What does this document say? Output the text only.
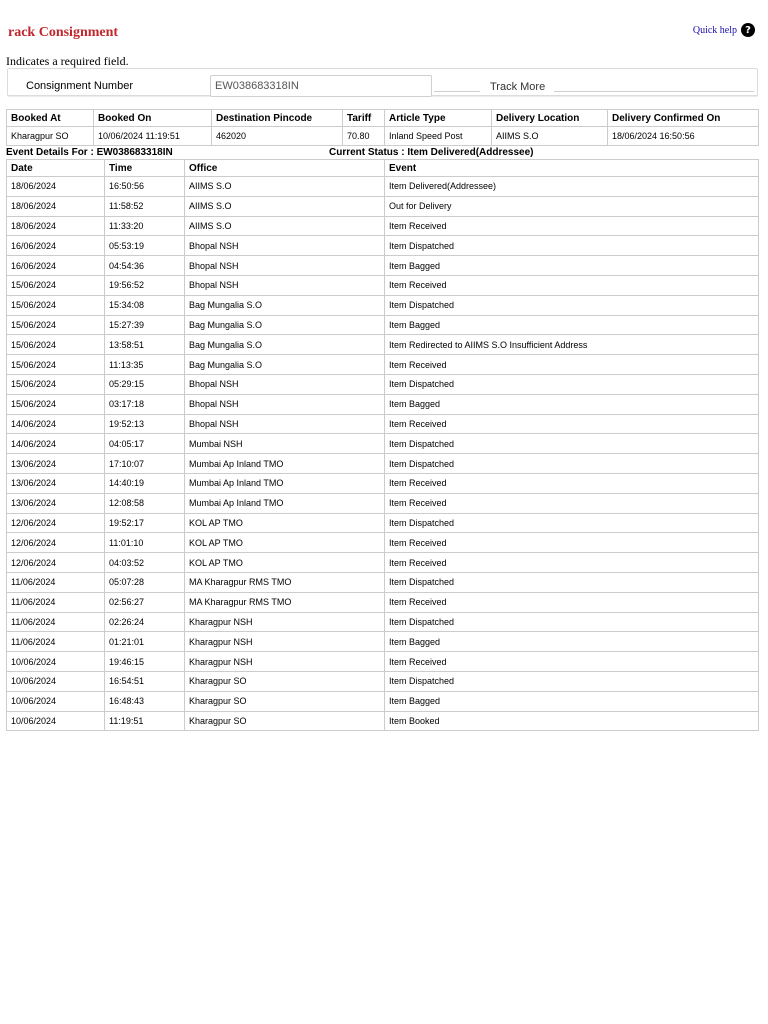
rack Consignment	Quick help ?
Indicates a required field.
Consignment Number
EW038683318IN	Track More
Booked At	Booked On	Destination Pincode	Tariff	Article Type	Delivery Location	Delivery Confirmed On
Kharagpur SO	10/06/2024 11:19:51	462020	70.80	Inland Speed Post	AIIMS S.O	18/06/2024 16:50:56
Event Details For : EW038683318IN	Current Status : Item Delivered(Addressee)
Date	Time	Office	Event
18/06/2024	16:50:56	AIIMS S.O	Item Delivered(Addressee)
18/06/2024	11:58:52	AIIMS S.O	Out for Delivery
18/06/2024	11:33:20	AIIMS S.O	Item Received
16/06/2024	05:53:19	Bhopal NSH	Item Dispatched
16/06/2024	04:54:36	Bhopal NSH	Item Bagged
15/06/2024	19:56:52	Bhopal NSH	Item Received
15/06/2024	15:34:08	Bag Mungalia S.O	Item Dispatched
15/06/2024	15:27:39	Bag Mungalia S.O	Item Bagged
15/06/2024	13:58:51	Bag Mungalia S.O	Item Redirected to AIIMS S.O Insufficient Address
15/06/2024	11:13:35	Bag Mungalia S.O	Item Received
15/06/2024	05:29:15	Bhopal NSH	Item Dispatched
15/06/2024	03:17:18	Bhopal NSH	Item Bagged
14/06/2024	19:52:13	Bhopal NSH	Item Received
14/06/2024	04:05:17	Mumbai NSH	Item Dispatched
13/06/2024	17:10:07	Mumbai Ap Inland TMO	Item Dispatched
13/06/2024	14:40:19	Mumbai Ap Inland TMO	Item Received
13/06/2024	12:08:58	Mumbai Ap Inland TMO	Item Received
12/06/2024	19:52:17	KOL AP TMO	Item Dispatched
12/06/2024	11:01:10	KOL AP TMO	Item Received
12/06/2024	04:03:52	KOL AP TMO	Item Received
11/06/2024	05:07:28	MA Kharagpur RMS TMO	Item Dispatched
11/06/2024	02:56:27	MA Kharagpur RMS TMO	Item Received
11/06/2024	02:26:24	Kharagpur NSH	Item Dispatched
11/06/2024	01:21:01	Kharagpur NSH	Item Bagged
10/06/2024	19:46:15	Kharagpur NSH	Item Received
10/06/2024	16:54:51	Kharagpur SO	Item Dispatched
10/06/2024	16:48:43	Kharagpur SO	Item Bagged
10/06/2024	11:19:51	Kharagpur SO	Item Booked
